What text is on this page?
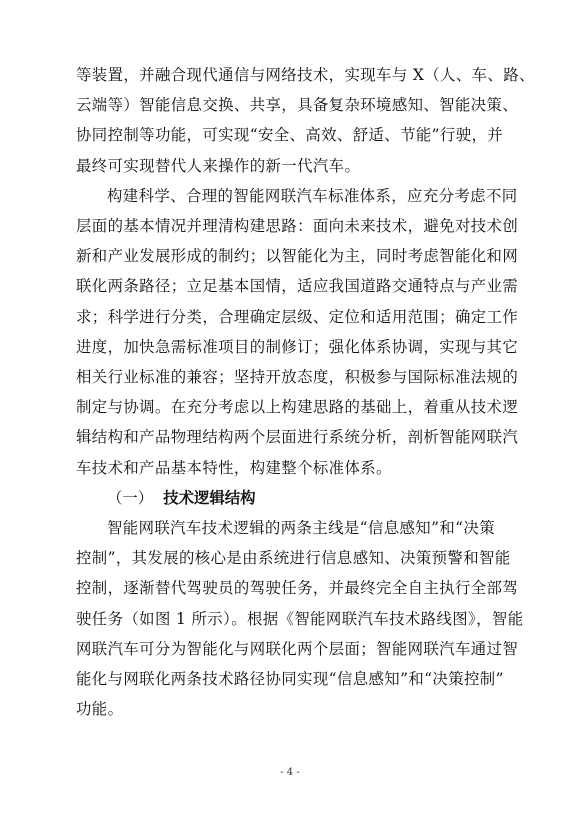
等装置，并融合现代通信与网络技术，实现车与 X（人、车、路、
云端等）智能信息交换、共享，具备复杂环境感知、智能决策、
协同控制等功能，可实现“安全、高效、舒适、节能”行驶，并
最终可实现替代人来操作的新一代汽车。

构建科学、合理的智能网联汽车标准体系，应充分考虑不同
层面的基本情况并理清构建思路：面向未来技术，避免对技术创
新和产业发展形成的制约；以智能化为主，同时考虑智能化和网
联化两条路径；立足基本国情，适应我国道路交通特点与产业需
求；科学进行分类，合理确定层级、定位和适用范围；确定工作
进度，加快急需标准项目的制修订；强化体系协调，实现与其它
相关行业标准的兼容；坚持开放态度，积极参与国际标准法规的
制定与协调。在充分考虑以上构建思路的基础上，着重从技术逻
辑结构和产品物理结构两个层面进行系统分析，剖析智能网联汽
车技术和产品基本特性，构建整个标准体系。

（一） 技术逻辑结构

智能网联汽车技术逻辑的两条主线是“信息感知”和“决策
控制”，其发展的核心是由系统进行信息感知、决策预警和智能
控制，逐渐替代驾驶员的驾驶任务，并最终完全自主执行全部驾
驶任务（如图 1 所示）。根据《智能网联汽车技术路线图》，智能
网联汽车可分为智能化与网联化两个层面；智能网联汽车通过智
能化与网联化两条技术路径协同实现“信息感知”和“决策控制”
功能。

- 4 -
